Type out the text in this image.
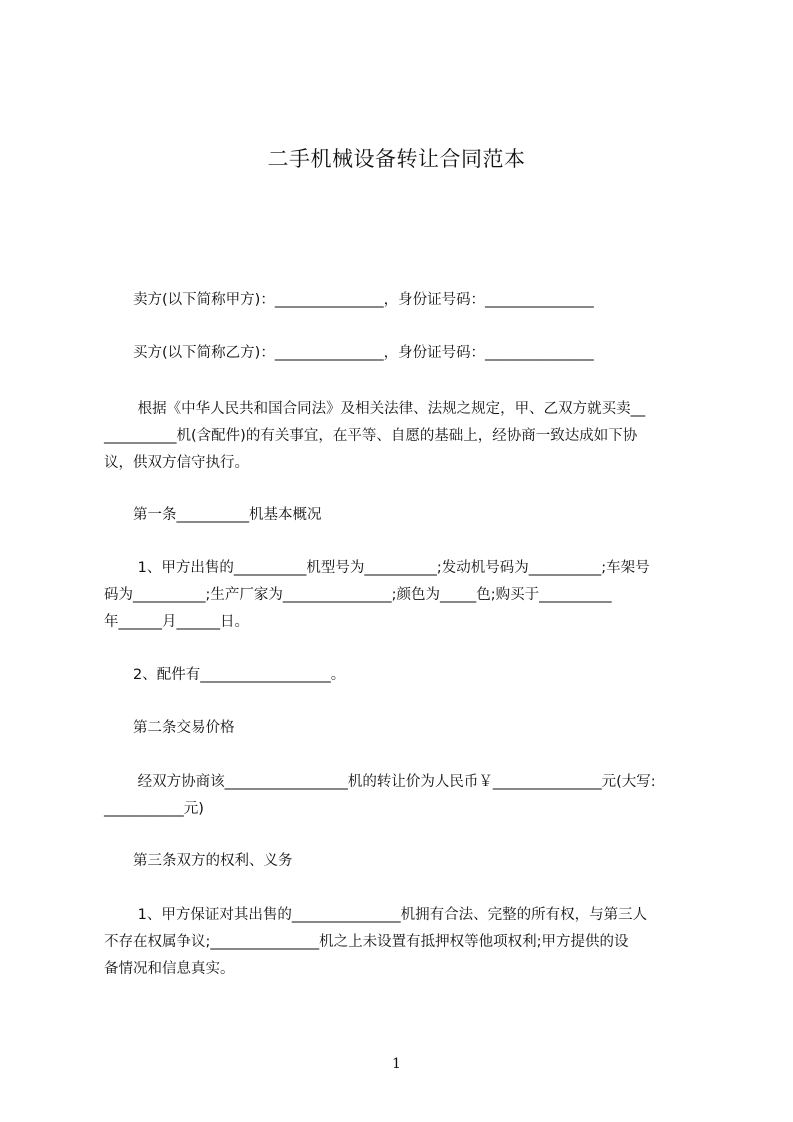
二手机械设备转让合同范本
　　卖方(以下简称甲方)：_______________，身份证号码：_______________
　　买方(以下简称乙方)：_______________，身份证号码：_______________
　　 根据《中华人民共和国合同法》及相关法律、法规之规定，甲、乙双方就买卖__
__________机(含配件)的有关事宜，在平等、自愿的基础上，经协商一致达成如下协
议，供双方信守执行。
　　第一条__________机基本概况
　　 1、甲方出售的__________机型号为__________;发动机号码为__________;车架号
码为__________;生产厂家为_______________;颜色为_____色;购买于__________
年______月______日。
　　2、配件有__________________。
　　第二条交易价格
　　 经双方协商该_________________机的转让价为人民币￥_______________元(大写:
___________元)
　　第三条双方的权利、义务
　　 1、甲方保证对其出售的_______________机拥有合法、完整的所有权，与第三人
不存在权属争议;_______________机之上未设置有抵押权等他项权利;甲方提供的设
备情况和信息真实。
1
